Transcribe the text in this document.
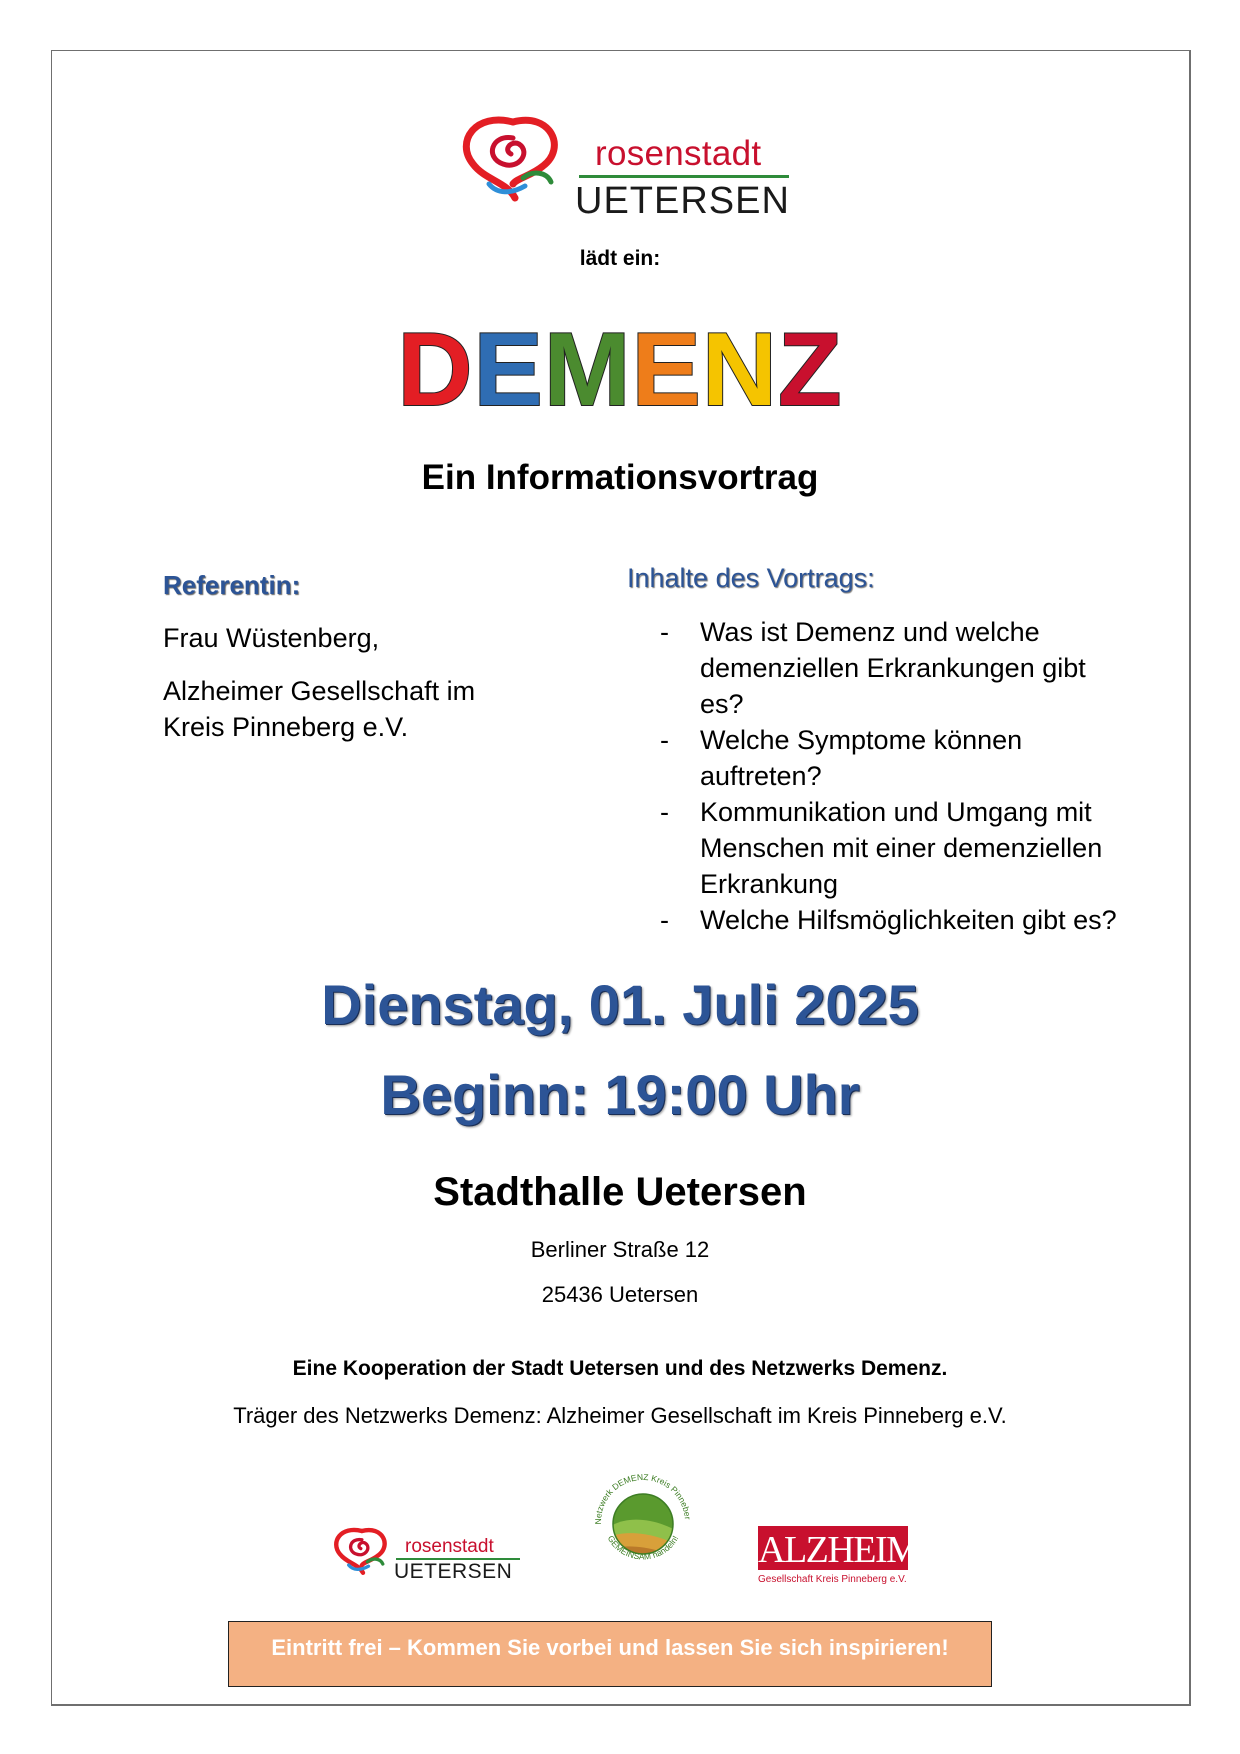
rosenstadt
UETERSEN
lädt ein:
DEMENZ
Ein Informationsvortrag
Referentin:
Frau Wüstenberg,
Alzheimer Gesellschaft im
Kreis Pinneberg e.V.
Inhalte des Vortrags:
- Was ist Demenz und welche
demenziellen Erkrankungen gibt
es?
- Welche Symptome können
auftreten?
- Kommunikation und Umgang mit
Menschen mit einer demenziellen
Erkrankung
- Welche Hilfsmöglichkeiten gibt es?
Dienstag, 01. Juli 2025
Beginn: 19:00 Uhr
Stadthalle Uetersen
Berliner Straße 12
25436 Uetersen
Eine Kooperation der Stadt Uetersen und des Netzwerks Demenz.
Träger des Netzwerks Demenz: Alzheimer Gesellschaft im Kreis Pinneberg e.V.
rosenstadt
UETERSEN
Netzwerk DEMENZ Kreis Pinneber
GEMEINSAM handeln! ALZHEIMER
Gesellschaft Kreis Pinneberg e.V.
Eintritt frei – Kommen Sie vorbei und lassen Sie sich inspirieren!
